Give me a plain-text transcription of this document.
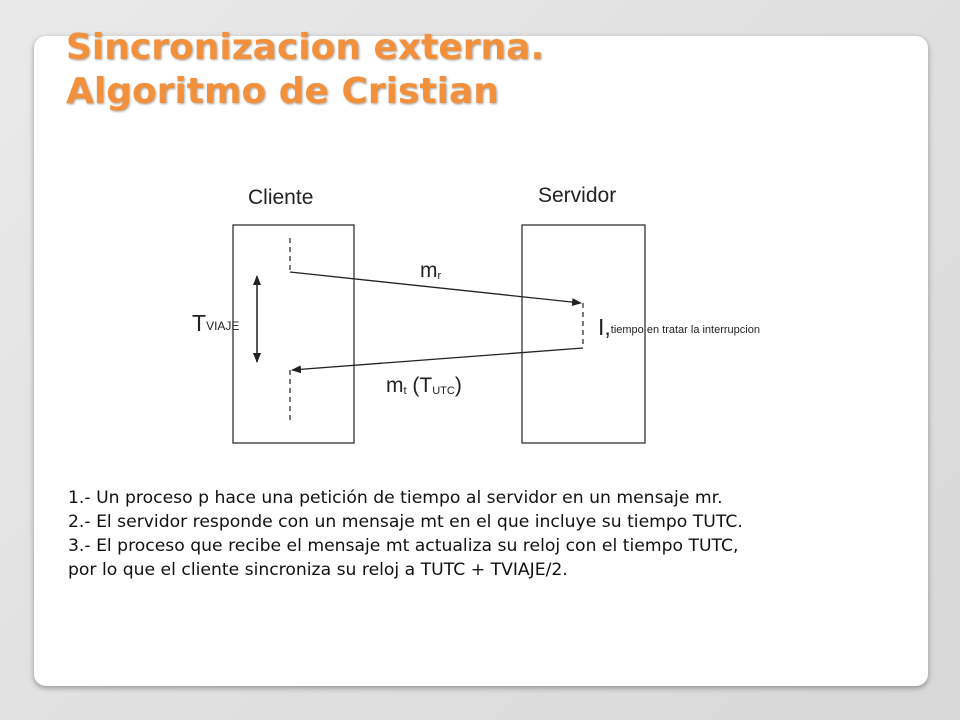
Sincronizacion externa.
Algoritmo de Cristian
Cliente	Servidor
mr
mt (TUTC)
TVIAJE	I,tiempo en tratar la interrupcion

1.- Un proceso p hace una petición de tiempo al servidor en un mensaje mr.

2.- El servidor responde con un mensaje mt en el que incluye su tiempo TUTC.

3.- El proceso que recibe el mensaje mt actualiza su reloj con el tiempo TUTC,

por lo que el cliente sincroniza su reloj a TUTC + TVIAJE/2.
